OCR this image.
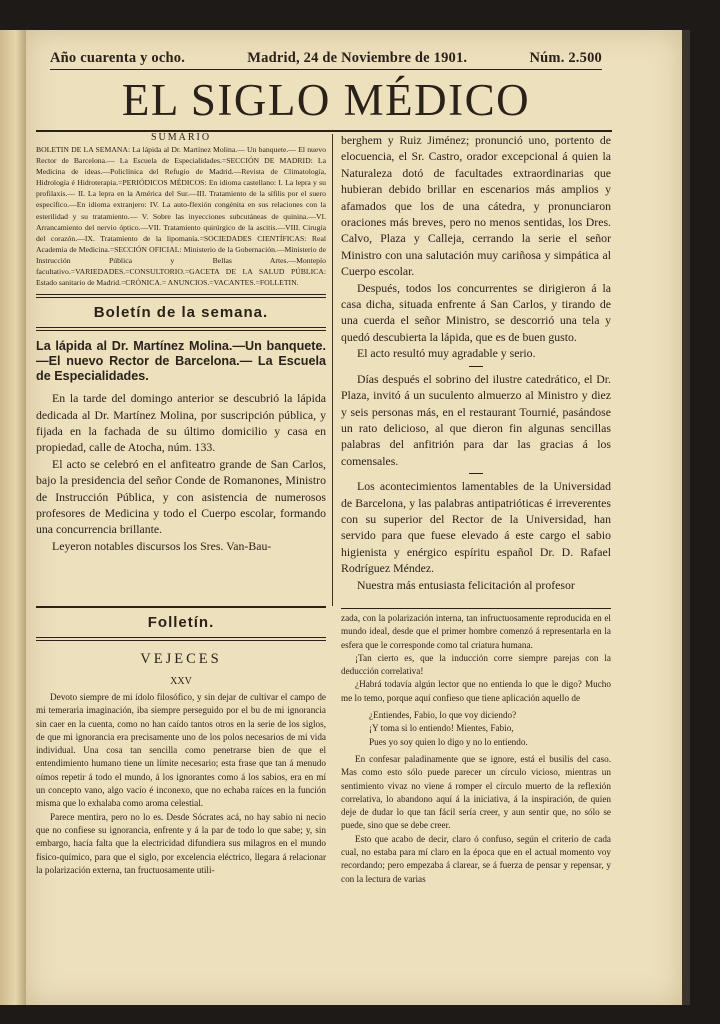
Año cuarenta y ocho.	Madrid, 24 de Noviembre de 1901.	Núm. 2.500
EL SIGLO MÉDICO
SUMARIO
BOLETIN DE LA SEMANA: La lápida al Dr. Martínez Molina.— Un banquete.— El nuevo Rector de Barcelona.— La Escuela de Especialidades.=SECCIÓN DE MADRID: La Medicina de ideas.—Policlínica del Refugio de Madrid.—Revista de Climatología, Hidrología é Hidroterapia.=PERIÓDICOS MÉDICOS: En idioma castellano: I. La lepra y su profilaxis.— II. La lepra en la América del Sur.—III. Tratamiento de la sífilis por el suero específico.—En idioma extranjero: IV. La auto-flexión congénita en sus relaciones con la esterilidad y su tratamiento.— V. Sobre las inyecciones subcutáneas de quinina.—VI. Arrancamiento del nervio óptico.—VII. Tratamiento quirúrgico de la ascitis.—VIII. Cirugía del corazón.—IX. Tratamiento de la lipomanía.=SOCIEDADES CIENTÍFICAS: Real Academia de Medicina.=SECCIÓN OFICIAL: Ministerio de la Gobernación.—Ministerio de Instrucción Pública y Bellas Artes.—Montepío facultativo.=VARIEDADES.=CONSULTORIO.=GACETA DE LA SALUD PÚBLICA: Estado sanitario de Madrid.=CRÓNICA.= ANUNCIOS.=VACANTES.=FOLLETIN.
Boletín de la semana.
La lápida al Dr. Martínez Molina.—Un banquete.—El nuevo Rector de Barcelona.— La Escuela de Especialidades.

En la tarde del domingo anterior se descubrió la lápida dedicada al Dr. Martínez Molina, por suscripción pública, y fijada en la fachada de su último domicilio y casa en propiedad, calle de Atocha, núm. 133.

El acto se celebró en el anfiteatro grande de San Carlos, bajo la presidencia del señor Conde de Romanones, Ministro de Instrucción Pública, y con asistencia de numerosos profesores de Medicina y todo el Cuerpo escolar, formando una concurrencia brillante.

Leyeron notables discursos los Sres. Van-Bau-

berghem y Ruiz Jiménez; pronunció uno, portento de elocuencia, el Sr. Castro, orador excepcional á quien la Naturaleza dotó de facultades extraordinarias que hubieran debido brillar en escenarios más amplios y afamados que los de una cátedra, y pronunciaron oraciones más breves, pero no menos sentidas, los Dres. Calvo, Plaza y Calleja, cerrando la serie el señor Ministro con una salutación muy cariñosa y simpática al Cuerpo escolar.

Después, todos los concurrentes se dirigieron á la casa dicha, situada enfrente á San Carlos, y tirando de una cuerda el señor Ministro, se descorrió una tela y quedó descubierta la lápida, que es de buen gusto.

El acto resultó muy agradable y serio.

Días después el sobrino del ilustre catedrático, el Dr. Plaza, invitó á un suculento almuerzo al Ministro y diez y seis personas más, en el restaurant Tournié, pasándose un rato delicioso, al que dieron fin algunas sencillas palabras del anfitrión para dar las gracias á los comensales.

Los acontecimientos lamentables de la Universidad de Barcelona, y las palabras antipatrióticas é irreverentes con su superior del Rector de la Universidad, han servido para que fuese elevado á este cargo el sabio higienista y enérgico espíritu español Dr. D. Rafael Rodríguez Méndez.

Nuestra más entusiasta felicitación al profesor

Folletín.
VEJECES
XXV

Devoto siempre de mi ídolo filosófico, y sin dejar de cultivar el campo de mi temeraria imaginación, iba siempre perseguido por el bu de mi ignorancia sin caer en la cuenta, como no han caído tantos otros en la serie de los siglos, de que mi ignorancia era precisamente uno de los polos necesarios de mi vida individual. Una cosa tan sencilla como penetrarse bien de que el entendimiento humano tiene un límite necesario; esta frase que tan á menudo oímos repetir á todo el mundo, á los ignorantes como á los sabios, era en mí un concepto vano, algo vacío é inconexo, que no echaba raíces en la función misma que lo exhalaba como aroma celestial.

Parece mentira, pero no lo es. Desde Sócrates acá, no hay sabio ni necio que no confiese su ignorancia, enfrente y á la par de todo lo que sabe; y, sin embargo, hacía falta que la electricidad difundiera sus milagros en el mundo físico-químico, para que el siglo, por excelencia eléctrico, llegara á relacionar la polarización externa, tan fructuosamente utili-

zada, con la polarización interna, tan infructuosamente reproducida en el mundo ideal, desde que el primer hombre comenzó á representarla en la esfera que le corresponde como tal criatura humana.

¡Tan cierto es, que la inducción corre siempre parejas con la deducción correlativa!

¿Habrá todavía algún lector que no entienda lo que le digo? Mucho me lo temo, porque aquí confieso que tiene aplicación aquello de

¿Entiendes, Fabio, lo que voy diciendo?

¡Y toma si lo entiendo! Mientes, Fabio,

Pues yo soy quien lo digo y no lo entiendo.

En confesar paladinamente que se ignore, está el busilis del caso. Mas como esto sólo puede parecer un círculo vicioso, mientras un sentimiento vivaz no viene á romper el círculo muerto de la reflexión correlativa, lo abandono aquí á la iniciativa, á la inspiración, de quien deje de dudar lo que tan fácil sería creer, y aun sentir que, no sólo se puede, sino que se debe creer.

Esto que acabo de decir, claro ó confuso, según el criterio de cada cual, no estaba para mí claro en la época que en el actual momento voy recordando; pero empezaba á clarear, se á fuerza de pensar y repensar, y con la lectura de varias
